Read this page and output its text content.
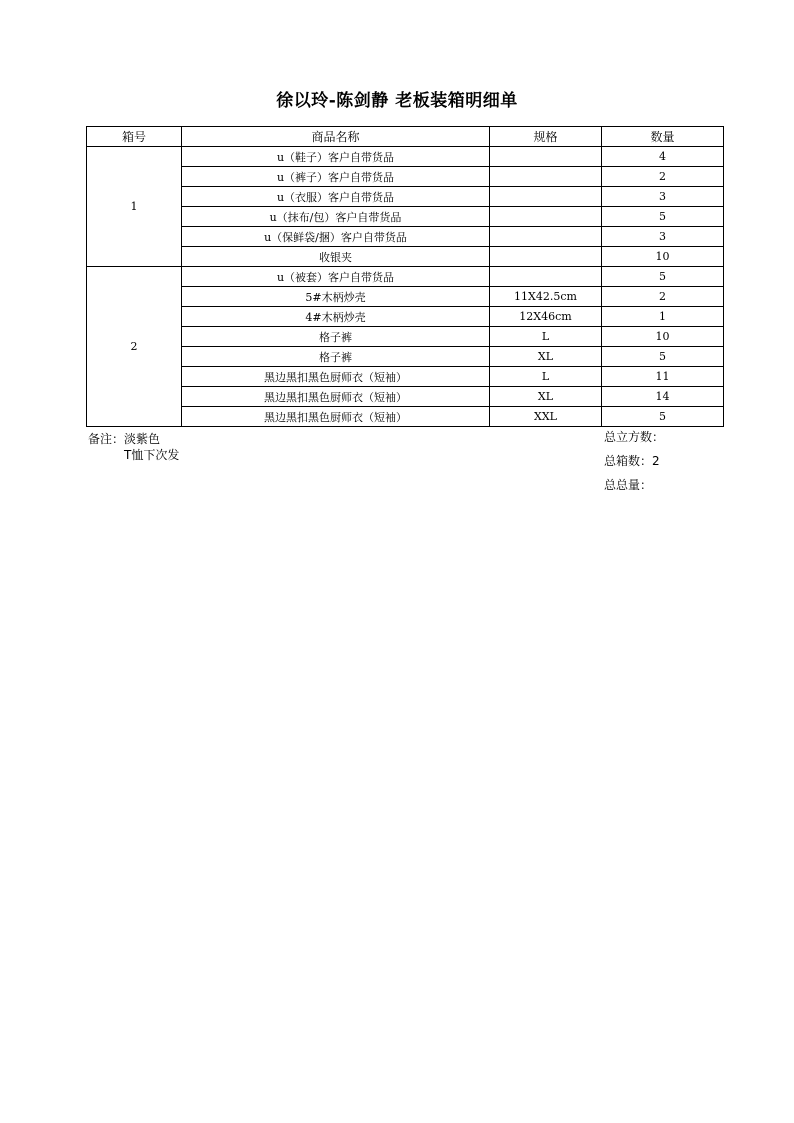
徐以玲-陈剑静 老板装箱明细单
箱号	商品名称	规格	数量
1	u（鞋子）客户自带货品		4
	u（裤子）客户自带货品		2
	u（衣服）客户自带货品		3
	u（抹布/包）客户自带货品		5
	u（保鲜袋/捆）客户自带货品		3
	收银夹		10
2	u（被套）客户自带货品		5
	5#木柄炒壳	11X42.5cm	2
	4#木柄炒壳	12X46cm	1
	格子裤	L	10
	格子裤	XL	5
	黑边黑扣黑色厨师衣（短袖）	L	11
	黑边黑扣黑色厨师衣（短袖）	XL	14
	黑边黑扣黑色厨师衣（短袖）	XXL	5
备注：淡紫色
T恤下次发
总立方数：
总箱数：2
总总量：
